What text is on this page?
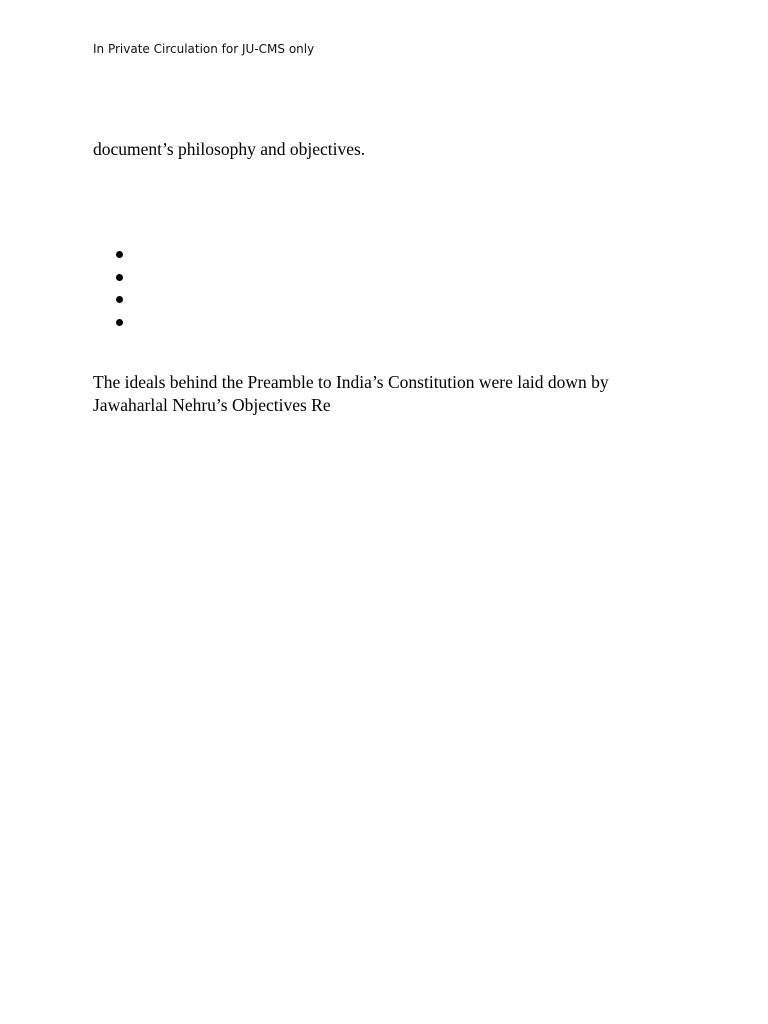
In Private Circulation for JU-CMS only
document’s philosophy and objectives.
The ideals behind the Preamble to India’s Constitution were laid down by
Jawaharlal Nehru’s Objectives Re
